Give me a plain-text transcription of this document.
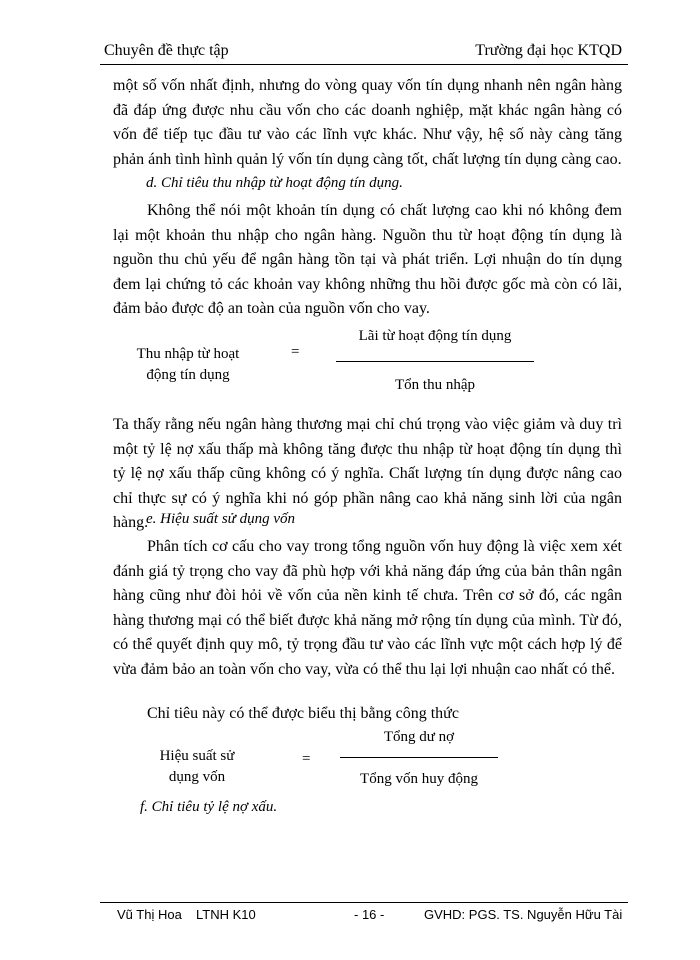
Chuyên đề thực tập	Trường đại học KTQD

một số vốn nhất định, nhưng do vòng quay vốn tín dụng nhanh nên ngân hàng đã đáp ứng được nhu cầu vốn cho các doanh nghiệp, mặt khác ngân hàng có vốn để tiếp tục đầu tư vào các lĩnh vực khác. Như vậy, hệ số này càng tăng phản ánh tình hình quản lý vốn tín dụng càng tốt, chất lượng tín dụng càng cao.

d. Chỉ tiêu thu nhập từ hoạt động tín dụng.

Không thể nói một khoản tín dụng có chất lượng cao khi nó không đem lại một khoản thu nhập cho ngân hàng. Nguồn thu từ hoạt động tín dụng là nguồn thu chủ yếu để ngân hàng tồn tại và phát triển. Lợi nhuận do tín dụng đem lại chứng tỏ các khoản vay không những thu hồi được gốc mà còn có lãi, đảm bảo được độ an toàn của nguồn vốn cho vay.

Thu nhập từ hoạt
động tín dụng
=
Lãi từ hoạt động tín dụng
Tổn thu nhập

Ta thấy rằng nếu ngân hàng thương mại chỉ chú trọng vào việc giảm và duy trì một tỷ lệ nợ xấu thấp mà không tăng được thu nhập từ hoạt động tín dụng thì tỷ lệ nợ xấu thấp cũng không có ý nghĩa. Chất lượng tín dụng được nâng cao chỉ thực sự có ý nghĩa khi nó góp phần nâng cao khả năng sinh lời của ngân hàng.

e. Hiệu suất sử dụng vốn

Phân tích cơ cấu cho vay trong tổng nguồn vốn huy động là việc xem xét đánh giá tỷ trọng cho vay đã phù hợp với khả năng đáp ứng của bản thân ngân hàng cũng như đòi hỏi về vốn của nền kinh tế chưa. Trên cơ sở đó, các ngân hàng thương mại có thể biết được khả năng mở rộng tín dụng của mình. Từ đó, có thể quyết định quy mô, tỷ trọng đầu tư vào các lĩnh vực một cách hợp lý để vừa đảm bảo an toàn vốn cho vay, vừa có thể thu lại lợi nhuận cao nhất có thể.

Chỉ tiêu này có thể được biểu thị bằng công thức

Hiệu suất sử
dụng vốn
=
Tổng dư nợ
Tổng vốn huy động

f. Chỉ tiêu tỷ lệ nợ xấu.

Vũ Thị Hoa LTNH K10	- 16 -	GVHD: PGS. TS. Nguyễn Hữu Tài
